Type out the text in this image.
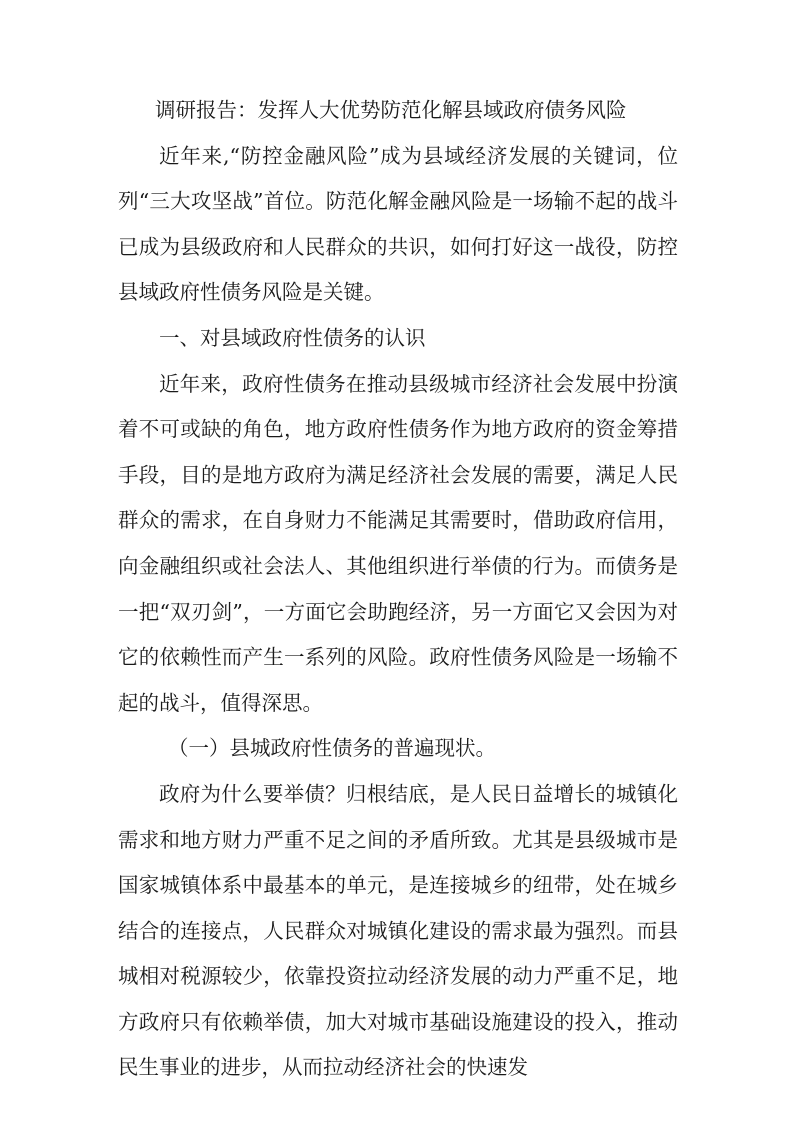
调研报告：发挥人大优势防范化解县域政府债务风险

近年来,“防控金融风险”成为县域经济发展的关键词，位列“三大攻坚战”首位。防范化解金融风险是一场输不起的战斗已成为县级政府和人民群众的共识，如何打好这一战役，防控县域政府性债务风险是关键。

一、对县域政府性债务的认识

近年来，政府性债务在推动县级城市经济社会发展中扮演着不可或缺的角色，地方政府性债务作为地方政府的资金筹措手段，目的是地方政府为满足经济社会发展的需要，满足人民群众的需求，在自身财力不能满足其需要时，借助政府信用，向金融组织或社会法人、其他组织进行举债的行为。而债务是一把“双刃剑”，一方面它会助跑经济，另一方面它又会因为对它的依赖性而产生一系列的风险。政府性债务风险是一场输不起的战斗，值得深思。

（一）县城政府性债务的普遍现状。

政府为什么要举债？归根结底，是人民日益增长的城镇化需求和地方财力严重不足之间的矛盾所致。尤其是县级城市是国家城镇体系中最基本的单元，是连接城乡的纽带，处在城乡结合的连接点，人民群众对城镇化建设的需求最为强烈。而县城相对税源较少，依靠投资拉动经济发展的动力严重不足，地方政府只有依赖举债，加大对城市基础设施建设的投入，推动民生事业的进步，从而拉动经济社会的快速发
